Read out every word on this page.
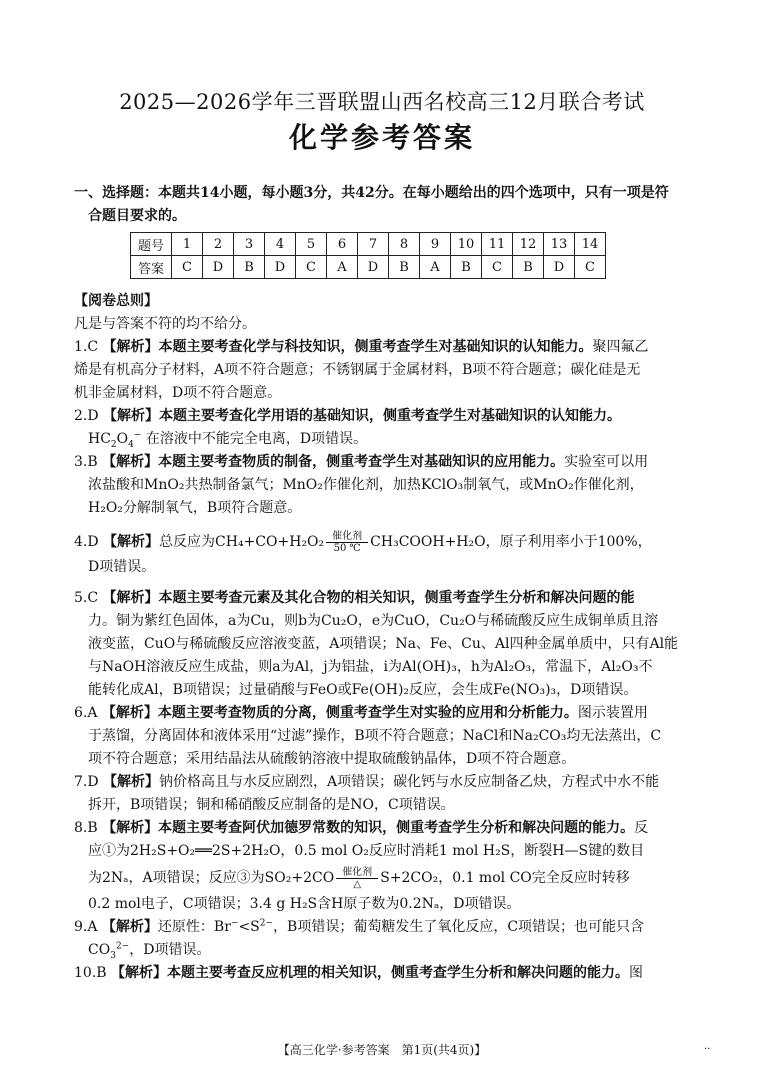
2025—2026学年三晋联盟山西名校高三12月联合考试
化学参考答案
一、选择题：本题共14小题，每小题3分，共42分。在每小题给出的四个选项中，只有一项是符
合题目要求的。
题号	1	2	3	4	5	6	7	8	9	10	11	12	13	14
答案	C	D	B	D	C	A	D	B	A	B	C	B	D	C
【阅卷总则】
凡是与答案不符的均不给分。
1.C 【解析】本题主要考查化学与科技知识，侧重考查学生对基础知识的认知能力。聚四氟乙
烯是有机高分子材料，A项不符合题意；不锈钢属于金属材料，B项不符合题意；碳化硅是无
机非金属材料，D项不符合题意。
2.D 【解析】本题主要考查化学用语的基础知识，侧重考查学生对基础知识的认知能力。
$HC_2O_4^-$ 在溶液中不能完全电离，D项错误。
3.B 【解析】本题主要考查物质的制备，侧重考查学生对基础知识的应用能力。实验室可以用
浓盐酸和MnO₂共热制备氯气；MnO₂作催化剂，加热KClO₃制氧气，或MnO₂作催化剂，
H₂O₂分解制氧气，B项符合题意。
4.D 【解析】总反应为$CH_4+CO+H_2O_2 \frac{\text{催化剂}}{50 ℃}$ CH₃COOH+H₂O，原子利用率小于100%，
D项错误。
5.C 【解析】本题主要考查元素及其化合物的相关知识，侧重考查学生分析和解决问题的能
力。铜为紫红色固体，a为Cu，则b为Cu₂O，e为CuO，Cu₂O与稀硫酸反应生成铜单质且溶
液变蓝，CuO与稀硫酸反应溶液变蓝，A项错误；Na、Fe、Cu、Al四种金属单质中，只有Al能
与NaOH溶液反应生成盐，则a为Al，j为铝盐，i为Al(OH)₃，h为Al₂O₃，常温下，Al₂O₃不
能转化成Al，B项错误；过量硝酸与FeO或Fe(OH)₂反应，会生成Fe(NO₃)₃，D项错误。
6.A 【解析】本题主要考查物质的分离，侧重考查学生对实验的应用和分析能力。图示装置用
于蒸馏，分离固体和液体采用“过滤”操作，B项不符合题意；NaCl和Na₂CO₃均无法蒸出，C
项不符合题意；采用结晶法从硫酸钠溶液中提取硫酸钠晶体，D项不符合题意。
7.D 【解析】钠价格高且与水反应剧烈，A项错误；碳化钙与水反应制备乙炔，方程式中水不能
拆开，B项错误；铜和稀硝酸反应制备的是NO，C项错误。
8.B 【解析】本题主要考查阿伏加德罗常数的知识，侧重考查学生分析和解决问题的能力。反
应①为2H₂S+O₂══2S+2H₂O，0.5 mol O₂反应时消耗1 mol H₂S，断裂H—S键的数目
为2Nₐ，A项错误；反应③为$SO_2+2CO \frac{\text{催化剂}}{\triangle} S+2CO_2$，0.1 mol CO完全反应时转移
0.2 mol电子，C项错误；3.4 g H₂S含H原子数为0.2Nₐ，D项错误。
9.A 【解析】还原性：$Br^-<S^{2-}$，B项错误；葡萄糖发生了氧化反应，C项错误；也可能只含
$CO_3^{2-}$，D项错误。
10.B 【解析】本题主要考查反应机理的相关知识，侧重考查学生分析和解决问题的能力。图
【高三化学·参考答案　第1页(共4页)】	··
